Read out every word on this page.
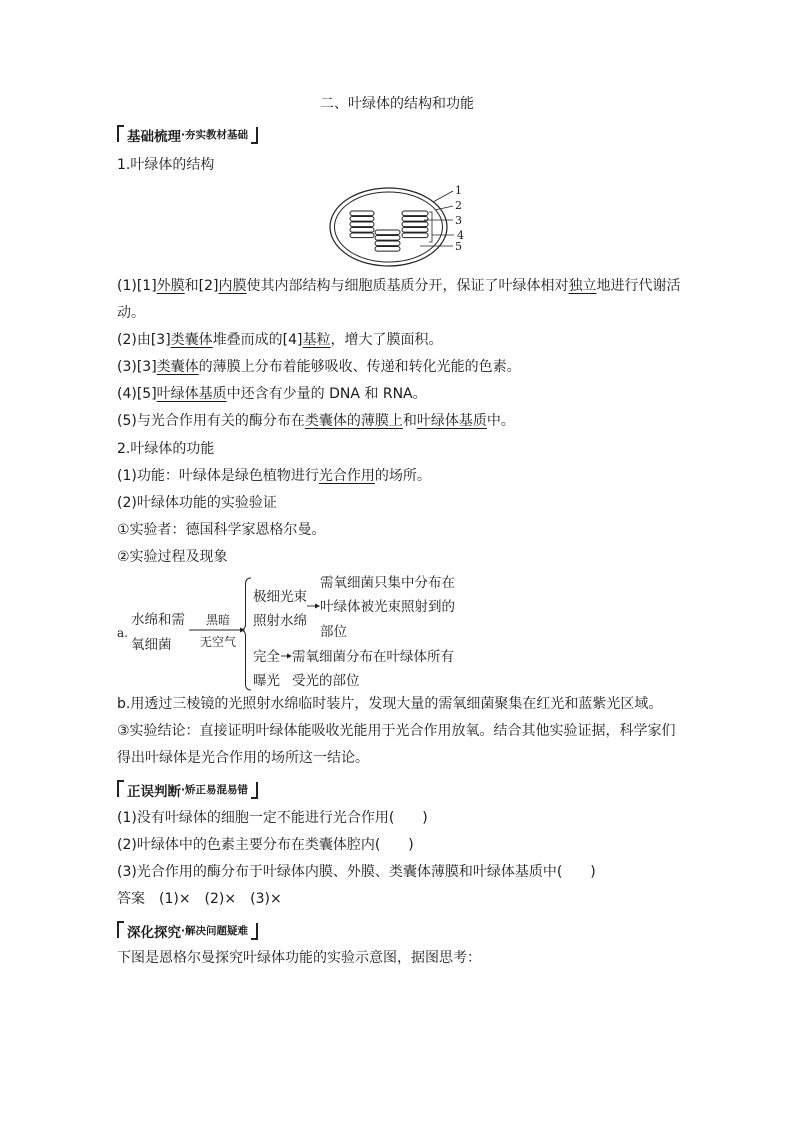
二、叶绿体的结构和功能
基础梳理 ·夯实教材基础
1.叶绿体的结构
1
2
3
4
5
(1)[1]外膜和[2]内膜使其内部结构与细胞质基质分开，保证了叶绿体相对独立地进行代谢活
动。
(2)由[3]类囊体堆叠而成的[4]基粒，增大了膜面积。
(3)[3]类囊体的薄膜上分布着能够吸收、传递和转化光能的色素。
(4)[5]叶绿体基质中还含有少量的 DNA 和 RNA。
(5)与光合作用有关的酶分布在类囊体的薄膜上和叶绿体基质中。
2.叶绿体的功能
(1)功能：叶绿体是绿色植物进行光合作用的场所。
(2)叶绿体功能的实验验证
①实验者：德国科学家恩格尔曼。
②实验过程及现象
a.
水绵和需
氧细菌
黑暗
无空气
极细光束
照射水绵
需氧细菌只集中分布在
叶绿体被光束照射到的
部位
完全
曝光
需氧细菌分布在叶绿体所有
受光的部位
b.用透过三棱镜的光照射水绵临时装片，发现大量的需氧细菌聚集在红光和蓝紫光区域。
③实验结论：直接证明叶绿体能吸收光能用于光合作用放氧。结合其他实验证据，科学家们
得出叶绿体是光合作用的场所这一结论。
正误判断 ·矫正易混易错
(1)没有叶绿体的细胞一定不能进行光合作用(　　)
(2)叶绿体中的色素主要分布在类囊体腔内(　　)
(3)光合作用的酶分布于叶绿体内膜、外膜、类囊体薄膜和叶绿体基质中(　　)
答案　(1)×　(2)×　(3)×
深化探究 ·解决问题疑难
下图是恩格尔曼探究叶绿体功能的实验示意图，据图思考：
